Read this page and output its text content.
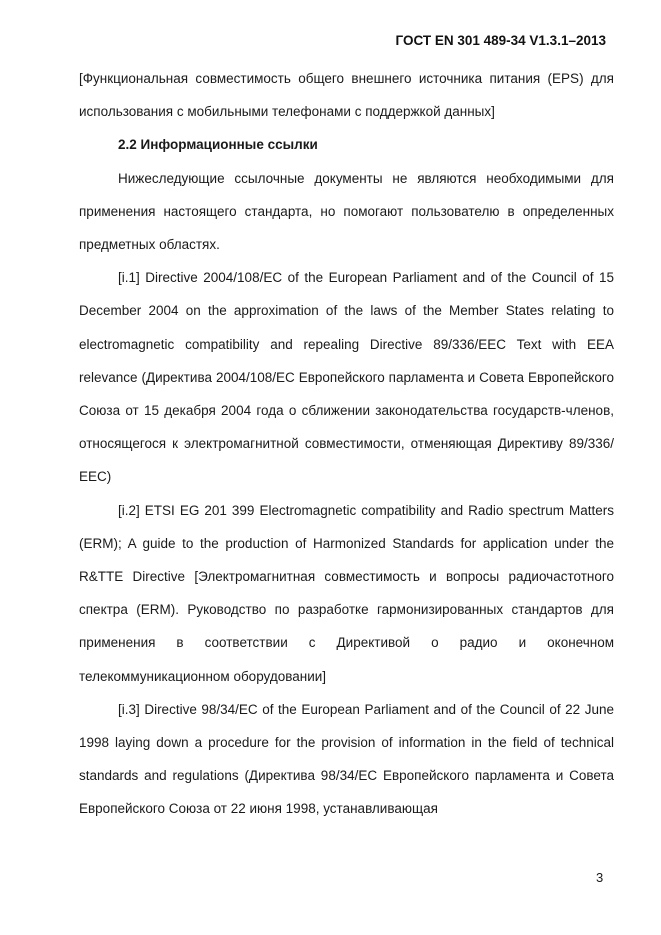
ГОСТ EN 301 489-34 V1.3.1–2013

[Функциональная совместимость общего внешнего источника питания (EPS) для использования с мобильными телефонами с поддержкой данных]

2.2 Информационные ссылки

Нижеследующие ссылочные документы не являются необходимыми для применения настоящего стандарта, но помогают пользователю в определенных предметных областях.

[i.1] Directive 2004/108/EC of the European Parliament and of the Council of 15 December 2004 on the approximation of the laws of the Member States relating to electromagnetic compatibility and repealing Directive 89/336/EEC Text with EEA relevance (Директива 2004/108/ЕС Европейского парламента и Совета Европейского Союза от 15 декабря 2004 года о сближении законодательства государств-членов, относящегося к электромагнитной совместимости, отменяющая Директиву 89/336/ЕЕС)

[i.2] ETSI EG 201 399 Electromagnetic compatibility and Radio spectrum Matters (ERM); A guide to the production of Harmonized Standards for application under the R&TTE Directive [Электромагнитная совместимость и вопросы радиочастотного спектра (ERM). Руководство по разработке гармонизированных стандартов для применения в соответствии с Директивой о радио и оконечном телекоммуникационном оборудовании]

[i.3] Directive 98/34/EC of the European Parliament and of the Council of 22 June 1998 laying down a procedure for the provision of information in the field of technical standards and regulations (Директива 98/34/ЕС Европейского парламента и Совета Европейского Союза от 22 июня 1998, устанавливающая

3
